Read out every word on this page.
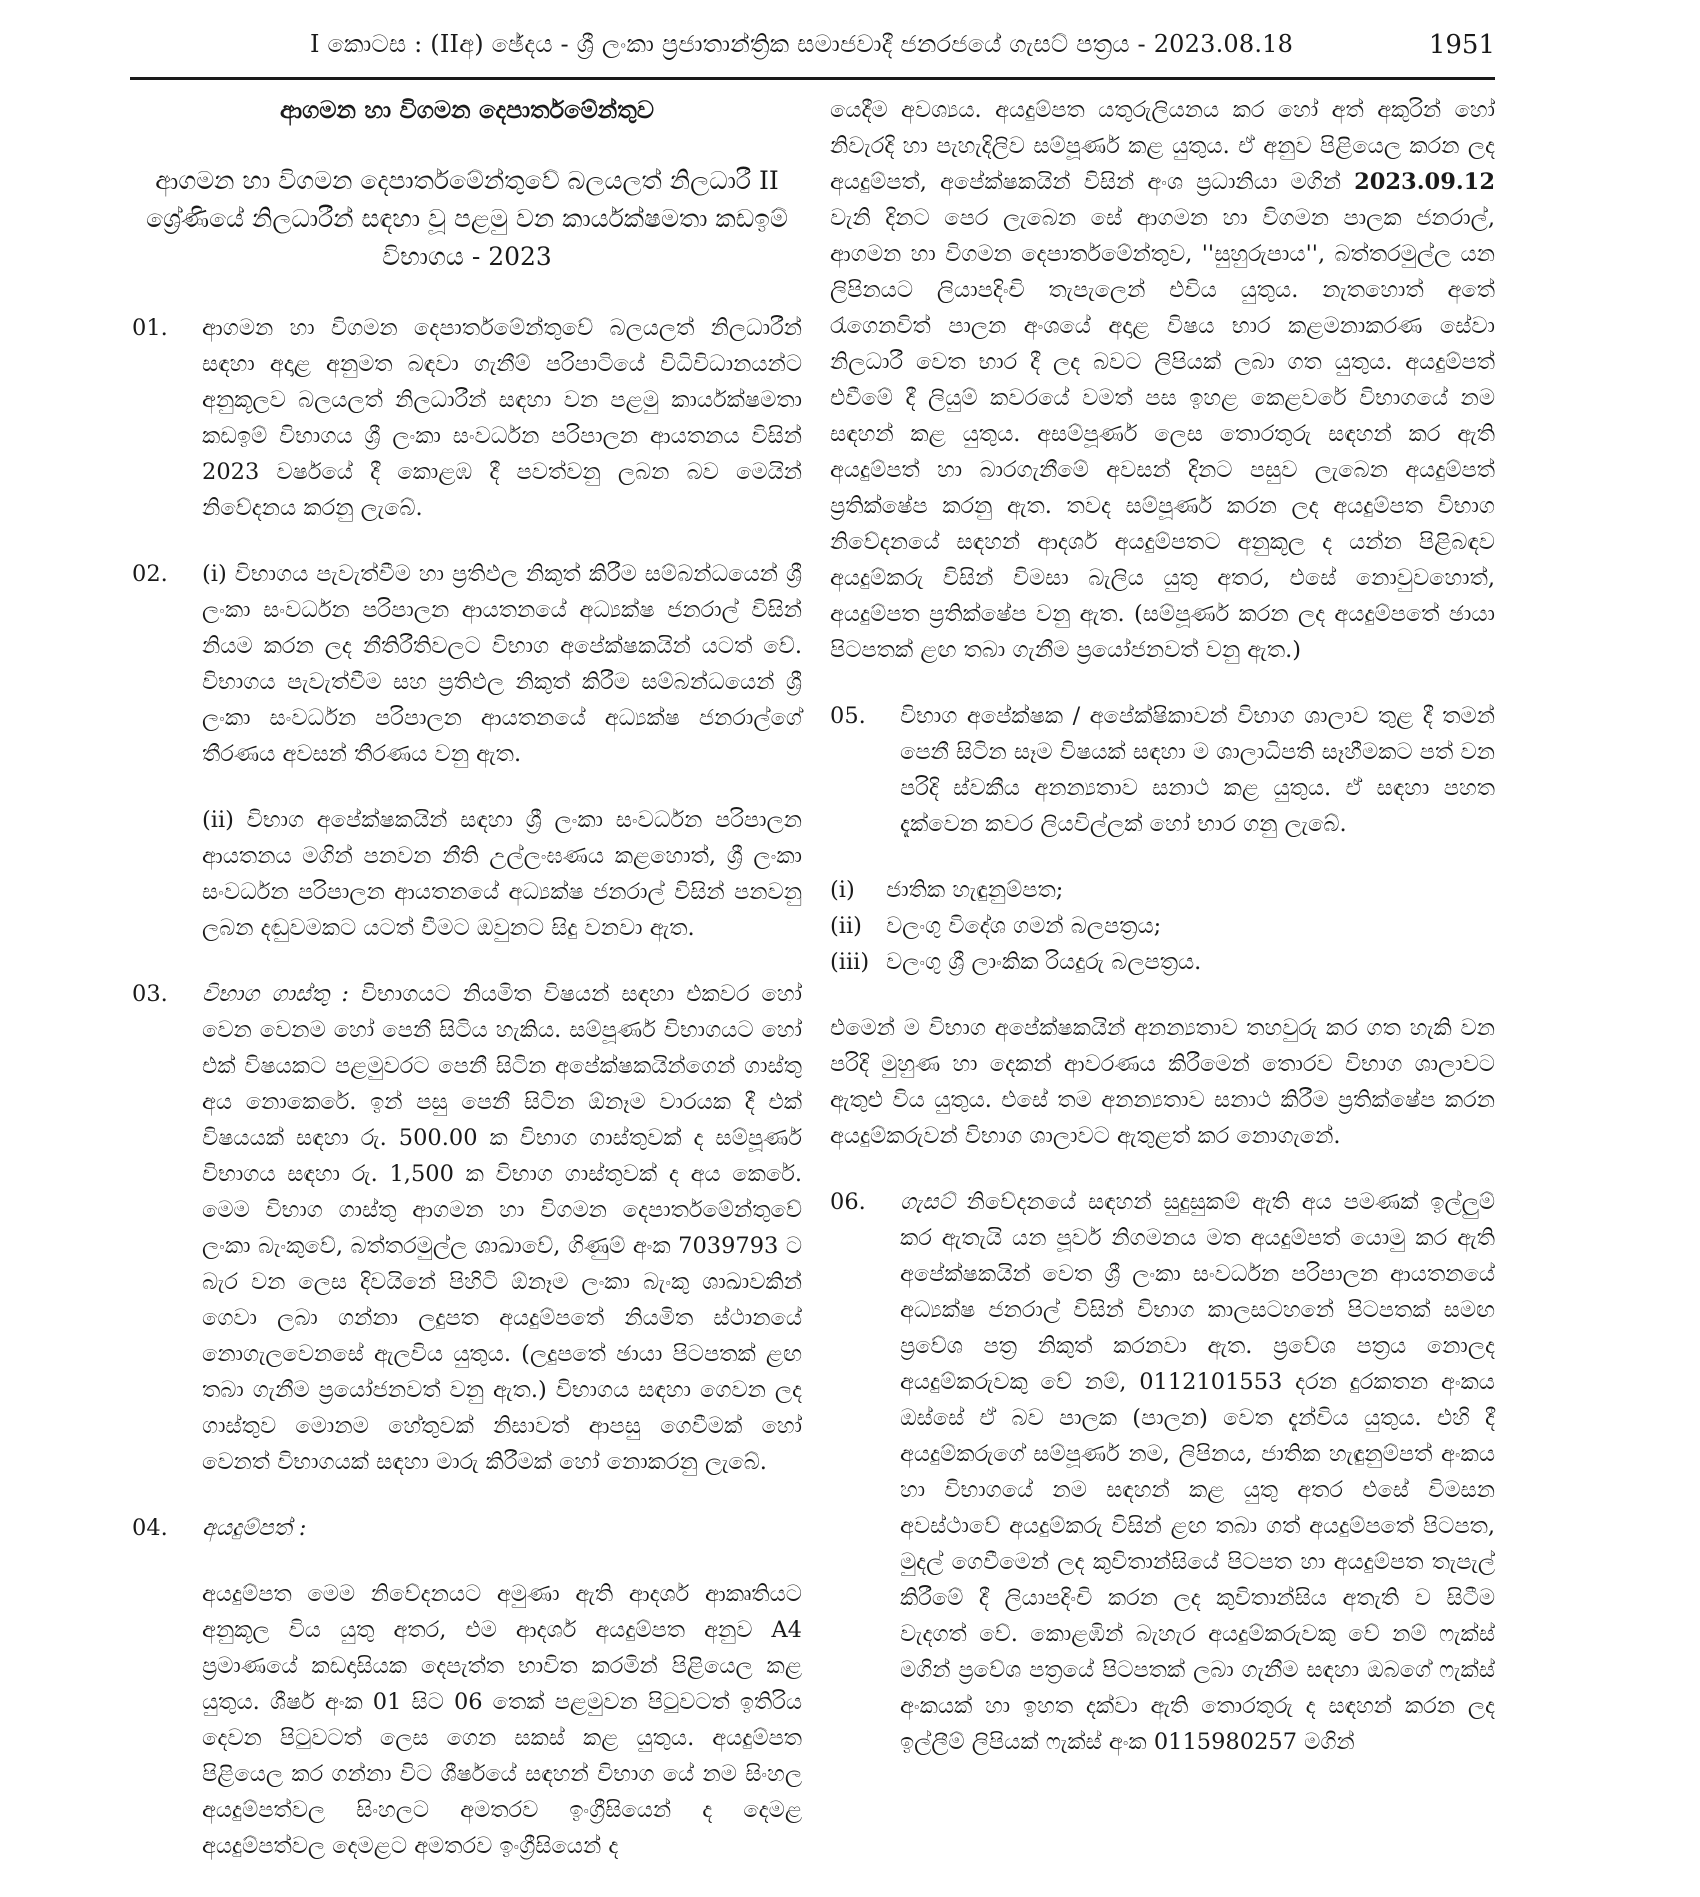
I කොටස : (IIඅ) ඡේදය - ශ්‍රී ලංකා ප්‍රජාතාන්ත්‍රික සමාජවාදී ජනරජයේ ගැසට් පත්‍රය - 2023.08.18	1951
ආගමන හා විගමන දෙපාර්තමේන්තුව
ආගමන හා විගමන දෙපාර්තමේන්තුවේ බලයලත් නිලධාරී II ශ්‍රේණියේ නිලධාරීන් සඳහා වූ පළමු වන කාර්යක්ෂමතා කඩඉම් විභාගය - 2023
01. ආගමන හා විගමන දෙපාර්තමේන්තුවේ බලයලත් නිලධාරීන් සඳහා අදාළ අනුමත බඳවා ගැනීම් පරිපාටියේ විධිවිධානයන්ට අනුකූලව බලයලත් නිලධාරීන් සඳහා වන පළමු කාර්යක්ෂමතා කඩඉම් විභාගය ශ්‍රී ලංකා සංවර්ධන පරිපාලන ආයතනය විසින් 2023 වර්ෂයේ දී කොළඹ දී පවත්වනු ලබන බව මෙයින් නිවේදනය කරනු ලැබේ.
02. (i) විභාගය පැවැත්වීම හා ප්‍රතිඵල නිකුත් කිරීම සම්බන්ධයෙන් ශ්‍රී ලංකා සංවර්ධන පරිපාලන ආයතනයේ අධ්‍යක්ෂ ජනරාල් විසින් නියම කරන ලද නීතිරීතිවලට විභාග අපේක්ෂකයින් යටත් වේ. විභාගය පැවැත්වීම සහ ප්‍රතිඵල නිකුත් කිරීම සම්බන්ධයෙන් ශ්‍රී ලංකා සංවර්ධන පරිපාලන ආයතනයේ අධ්‍යක්ෂ ජනරාල්ගේ තීරණය අවසන් තීරණය වනු ඇත.
(ii) විභාග අපේක්ෂකයින් සඳහා ශ්‍රී ලංකා සංවර්ධන පරිපාලන ආයතනය මගින් පනවන නීති උල්ලංඝණය කළහොත්, ශ්‍රී ලංකා සංවර්ධන පරිපාලන ආයතනයේ අධ්‍යක්ෂ ජනරාල් විසින් පනවනු ලබන දඬුවමකට යටත් වීමට ඔවුනට සිදු වනවා ඇත.
03. විභාග ගාස්තු : විභාගයට නියමිත විෂයන් සඳහා එකවර හෝ වෙන වෙනම හෝ පෙනී සිටිය හැකිය. සම්පූර්ණ විභාගයට හෝ එක් විෂයකට පළමුවරට පෙනී සිටින අපේක්ෂකයින්ගෙන් ගාස්තු අය නොකෙරේ. ඉන් පසු පෙනී සිටින ඕනෑම වාරයක දී එක් විෂයයක් සඳහා රු. 500.00 ක විභාග ගාස්තුවක් ද සම්පූර්ණ විභාගය සඳහා රු. 1,500 ක විභාග ගාස්තුවක් ද අය කෙරේ. මෙම විභාග ගාස්තු ආගමන හා විගමන දෙපාර්තමේන්තුවේ ලංකා බැංකුවේ, බත්තරමුල්ල ශාඛාවේ, ගිණුම් අංක 7039793 ට බැර වන ලෙස දිවයිනේ පිහිටි ඕනෑම ලංකා බැංකු ශාඛාවකින් ගෙවා ලබා ගන්නා ලදුපත අයදුම්පතේ නියමිත ස්ථානයේ නොගැලවෙනසේ ඇලවිය යුතුය. (ලදුපතේ ඡායා පිටපතක් ළඟ තබා ගැනීම ප්‍රයෝජනවත් වනු ඇත.) විභාගය සඳහා ගෙවන ලද ගාස්තුව මොනම හේතුවක් නිසාවත් ආපසු ගෙවීමක් හෝ වෙනත් විභාගයක් සඳහා මාරු කිරීමක් හෝ නොකරනු ලැබේ.
04. අයදුම්පත් :
අයදුම්පත මෙම නිවේදනයට අමුණා ඇති ආදර්ශ ආකෘතියට අනුකූල විය යුතු අතර, එම ආදර්ශ අයදුම්පත අනුව A4 ප්‍රමාණයේ කඩදාසියක දෙපැත්ත භාවිත කරමින් පිළියෙල කළ යුතුය. ශීර්ෂ අංක 01 සිට 06 තෙක් පළමුවන පිටුවටත් ඉතිරිය දෙවන පිටුවටත් ලෙස ගෙන සකස් කළ යුතුය. අයදුම්පත පිළියෙල කර ගන්නා විට ශීර්ෂයේ සඳහන් විභාග යේ නම සිංහල අයදුම්පත්වල සිංහලට අමතරව ඉංග්‍රීසියෙන් ද දෙමළ අයදුම්පත්වල දෙමළට අමතරව ඉංග්‍රීසියෙන් ද
යෙදීම අවශ්‍යය. අයදුම්පත යතුරුලියනය කර හෝ අත් අකුරින් හෝ නිවැරදි හා පැහැදිලිව සම්පූර්ණ කළ යුතුය. ඒ අනුව පිළියෙල කරන ලද අයදුම්පත්, අපේක්ෂකයින් විසින් අංශ ප්‍රධානියා මගින් 2023.09.12 වැනි දිනට පෙර ලැබෙන සේ ආගමන හා විගමන පාලක ජනරාල්, ආගමන හා විගමන දෙපාර්තමේන්තුව, ''සුහුරුපාය'', බත්තරමුල්ල යන ලිපිනයට ලියාපදිංචි තැපැලෙන් එවිය යුතුය. නැතහොත් අතේ රැගෙනවිත් පාලන අංශයේ අදාළ විෂය භාර කළමනාකරණ සේවා නිලධාරී වෙත භාර දී ලද බවට ලිපියක් ලබා ගත යුතුය. අයදුම්පත් එවීමේ දී ලියුම් කවරයේ වමත් පස ඉහළ කෙළවරේ විභාගයේ නම සඳහන් කළ යුතුය. අසම්පූර්ණ ලෙස තොරතුරු සඳහන් කර ඇති අයදුම්පත් හා බාරගැනීමේ අවසන් දිනට පසුව ලැබෙන අයදුම්පත් ප්‍රතික්ෂේප කරනු ඇත. තවද සම්පූර්ණ කරන ලද අයදුම්පත විභාග නිවේදනයේ සඳහන් ආදර්ශ අයදුම්පතට අනුකූල ද යන්න පිළිබඳව අයදුම්කරු විසින් විමසා බැලිය යුතු අතර, එසේ නොවුවහොත්, අයදුම්පත ප්‍රතික්ෂේප වනු ඇත. (සම්පූර්ණ කරන ලද අයදුම්පතේ ඡායා පිටපතක් ළඟ තබා ගැනීම ප්‍රයෝජනවත් වනු ඇත.)
05. විභාග අපේක්ෂක / අපේක්ෂිකාවන් විභාග ශාලාව තුළ දී තමන් පෙනී සිටින සෑම විෂයක් සඳහා ම ශාලාධිපති සෑහීමකට පත් වන පරිදි ස්වකීය අනන්‍යතාව සනාථ කළ යුතුය. ඒ සඳහා පහත දැක්වෙන කවර ලියවිල්ලක් හෝ භාර ගනු ලැබේ.
(i) ජාතික හැඳුනුම්පත;
(ii) වලංගු විදේශ ගමන් බලපත්‍රය;
(iii) වලංගු ශ්‍රී ලාංකික රියදුරු බලපත්‍රය.
එමෙන් ම විභාග අපේක්ෂකයින් අනන්‍යතාව තහවුරු කර ගත හැකි වන පරිදි මුහුණ හා දෙකන් ආවරණය කිරීමෙන් තොරව විභාග ශාලාවට ඇතුළු විය යුතුය. එසේ තම අනන්‍යතාව සනාථ කිරීම ප්‍රතික්ෂේප කරන අයදුම්කරුවන් විභාග ශාලාවට ඇතුළත් කර නොගැනේ.
06. ගැසට් නිවේදනයේ සඳහන් සුදුසුකම් ඇති අය පමණක් ඉල්ලුම් කර ඇතැයි යන පූර්ව නිගමනය මත අයදුම්පත් යොමු කර ඇති අපේක්ෂකයින් වෙත ශ්‍රී ලංකා සංවර්ධන පරිපාලන ආයතනයේ අධ්‍යක්ෂ ජනරාල් විසින් විභාග කාලසටහනේ පිටපතක් සමඟ ප්‍රවේශ පත්‍ර නිකුත් කරනවා ඇත. ප්‍රවේශ පත්‍රය නොලද අයදුම්කරුවකු වේ නම්, 0112101553 දරන දුරකතන අංකය ඔස්සේ ඒ බව පාලක (පාලන) වෙත දැන්විය යුතුය. එහි දී අයදුම්කරුගේ සම්පූර්ණ නම, ලිපිනය, ජාතික හැඳුනුම්පත් අංකය හා විභාගයේ නම සඳහන් කළ යුතු අතර එසේ විමසන අවස්ථාවේ අයදුම්කරු විසින් ළඟ තබා ගත් අයදුම්පතේ පිටපත, මුදල් ගෙවීමෙන් ලද කුවිතාන්සියේ පිටපත හා අයදුම්පත තැපැල් කිරීමේ දී ලියාපදිංචි කරන ලද කුවිතාන්සිය අතැති ව සිටීම වැදගත් වේ. කොළඹින් බැහැර අයදුම්කරුවකු වේ නම් ෆැක්ස් මගින් ප්‍රවේශ පත්‍රයේ පිටපතක් ලබා ගැනීම සඳහා ඔබගේ ෆැක්ස් අංකයක් හා ඉහත දක්වා ඇති තොරතුරු ද සඳහන් කරන ලද ඉල්ලීම් ලිපියක් ෆැක්ස් අංක 0115980257 මගින්
